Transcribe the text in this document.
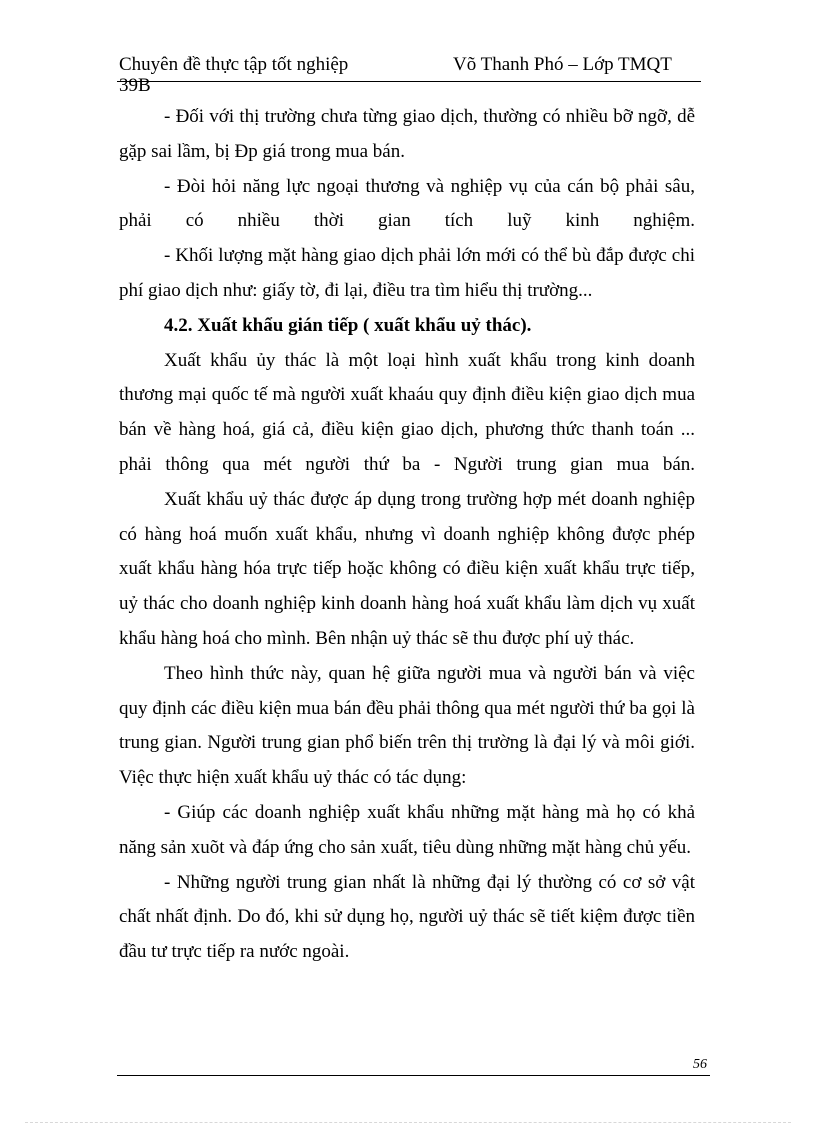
Chuyên đề thực tập tốt nghiệp	Võ Thanh Phó – Lớp TMQT
39B

- Đối với thị trường chưa từng giao dịch, thường có nhiều bỡ ngỡ, dễ gặp sai lầm, bị Ðp giá trong mua bán.

- Đòi hỏi năng lực ngoại thương và nghiệp vụ của cán bộ phải sâu, phải có nhiều thời gian tích luỹ kinh nghiệm.

- Khối lượng mặt hàng giao dịch phải lớn mới có thể bù đắp được chi phí giao dịch như: giấy tờ, đi lại, điều tra tìm hiểu thị trường...

4.2. Xuất khẩu gián tiếp ( xuất khẩu uỷ thác).

Xuất khẩu ủy thác là một loại hình xuất khẩu trong kinh doanh thương mại quốc tế mà người xuất khaáu quy định điều kiện giao dịch mua bán về hàng hoá, giá cả, điều kiện giao dịch, phương thức thanh toán ... phải thông qua mét người thứ ba - Người trung gian mua bán.

Xuất khẩu uỷ thác được áp dụng trong trường hợp mét doanh nghiệp có hàng hoá muốn xuất khẩu, nhưng vì doanh nghiệp không được phép xuất khẩu hàng hóa trực tiếp hoặc không có điều kiện xuất khẩu trực tiếp, uỷ thác cho doanh nghiệp kinh doanh hàng hoá xuất khẩu làm dịch vụ xuất khẩu hàng hoá cho mình. Bên nhận uỷ thác sẽ thu được phí uỷ thác.

Theo hình thức này, quan hệ giữa người mua và người bán và việc quy định các điều kiện mua bán đều phải thông qua mét người thứ ba gọi là trung gian. Người trung gian phổ biến trên thị trường là đại lý và môi giới. Việc thực hiện xuất khẩu uỷ thác có tác dụng:

- Giúp các doanh nghiệp xuất khẩu những mặt hàng mà họ có khả năng sản xuõt và đáp ứng cho sản xuất, tiêu dùng những mặt hàng chủ yếu.

- Những người trung gian nhất là những đại lý thường có cơ sở vật chất nhất định. Do đó, khi sử dụng họ, người uỷ thác sẽ tiết kiệm được tiền đầu tư trực tiếp ra nước ngoài.

56
